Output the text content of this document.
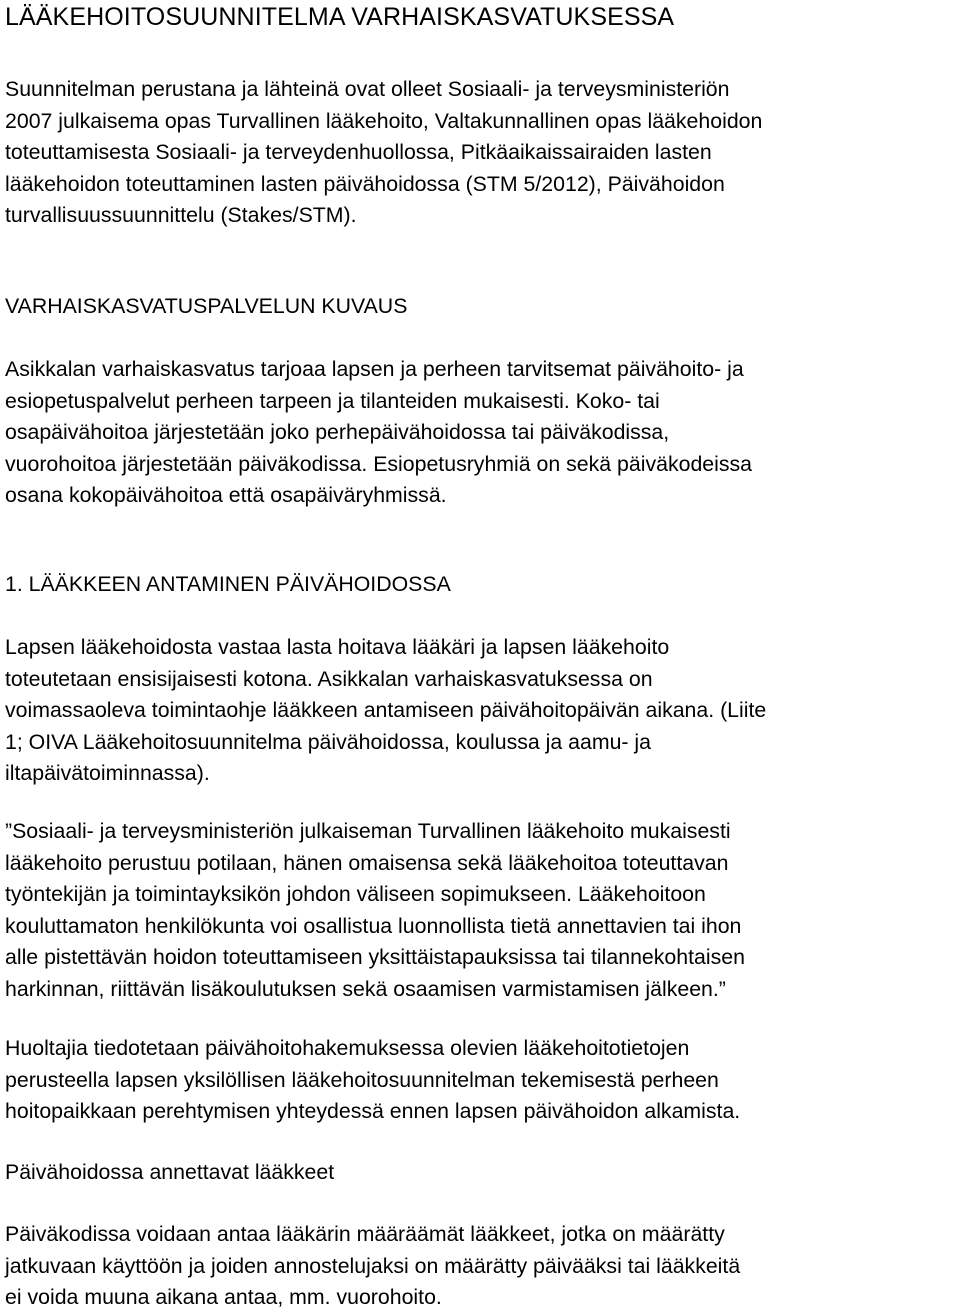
LÄÄKEHOITOSUUNNITELMA VARHAISKASVATUKSESSA
Suunnitelman perustana ja lähteinä ovat olleet Sosiaali- ja terveysministeriön
2007 julkaisema opas Turvallinen lääkehoito, Valtakunnallinen opas lääkehoidon
toteuttamisesta Sosiaali- ja terveydenhuollossa, Pitkäaikaissairaiden lasten
lääkehoidon toteuttaminen lasten päivähoidossa (STM 5/2012), Päivähoidon
turvallisuussuunnittelu (Stakes/STM).
VARHAISKASVATUSPALVELUN KUVAUS
Asikkalan varhaiskasvatus tarjoaa lapsen ja perheen tarvitsemat päivähoito- ja
esiopetuspalvelut perheen tarpeen ja tilanteiden mukaisesti. Koko- tai
osapäivähoitoa järjestetään joko perhepäivähoidossa tai päiväkodissa,
vuorohoitoa järjestetään päiväkodissa. Esiopetusryhmiä on sekä päiväkodeissa
osana kokopäivähoitoa että osapäiväryhmissä.
1. LÄÄKKEEN ANTAMINEN PÄIVÄHOIDOSSA
Lapsen lääkehoidosta vastaa lasta hoitava lääkäri ja lapsen lääkehoito
toteutetaan ensisijaisesti kotona. Asikkalan varhaiskasvatuksessa on
voimassaoleva toimintaohje lääkkeen antamiseen päivähoitopäivän aikana. (Liite
1; OIVA Lääkehoitosuunnitelma päivähoidossa, koulussa ja aamu- ja
iltapäivätoiminnassa).
”Sosiaali- ja terveysministeriön julkaiseman Turvallinen lääkehoito mukaisesti
lääkehoito perustuu potilaan, hänen omaisensa sekä lääkehoitoa toteuttavan
työntekijän ja toimintayksikön johdon väliseen sopimukseen. Lääkehoitoon
kouluttamaton henkilökunta voi osallistua luonnollista tietä annettavien tai ihon
alle pistettävän hoidon toteuttamiseen yksittäistapauksissa tai tilannekohtaisen
harkinnan, riittävän lisäkoulutuksen sekä osaamisen varmistamisen jälkeen.”
Huoltajia tiedotetaan päivähoitohakemuksessa olevien lääkehoitotietojen
perusteella lapsen yksilöllisen lääkehoitosuunnitelman tekemisestä perheen
hoitopaikkaan perehtymisen yhteydessä ennen lapsen päivähoidon alkamista.
Päivähoidossa annettavat lääkkeet
Päiväkodissa voidaan antaa lääkärin määräämät lääkkeet, jotka on määrätty
jatkuvaan käyttöön ja joiden annostelujaksi on määrätty päivääksi tai lääkkeitä
ei voida muuna aikana antaa, mm. vuorohoito.
